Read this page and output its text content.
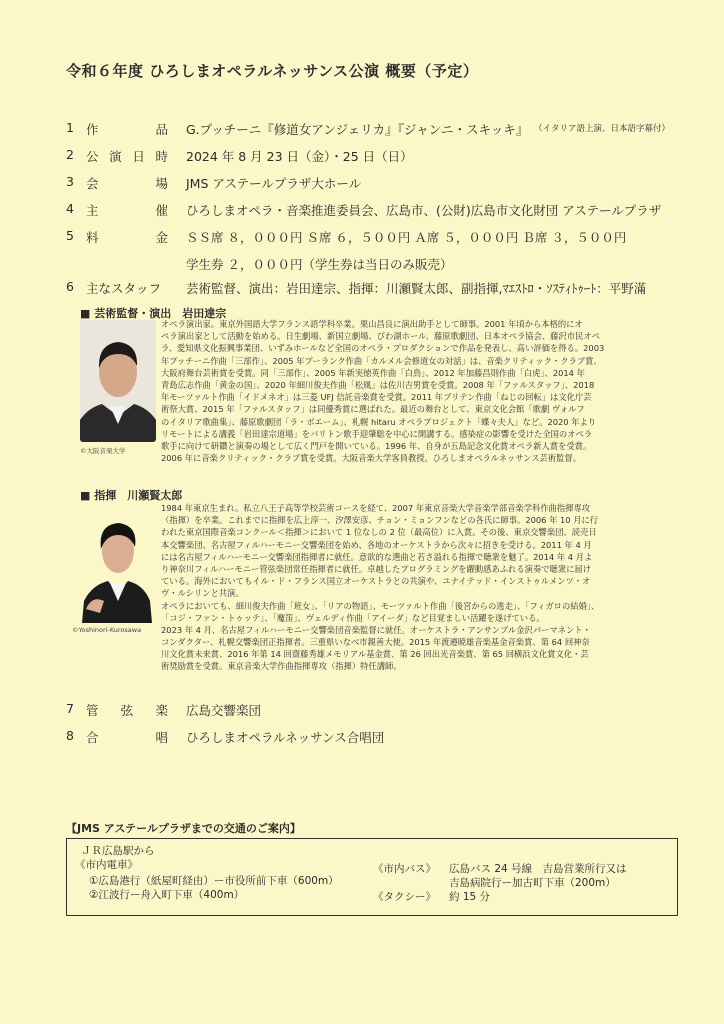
令和６年度 ひろしまオペラルネッサンス公演 概要（予定）
1 作	品 G.プッチーニ『修道女アンジェリカ』『ジャンニ・スキッキ』 （イタリア語上演、日本語字幕付）
2 公 演 日 時 2024 年 8 月 23 日（金）・25 日（日）
3 会	場 JMS アステールプラザ大ホール
4 主	催 ひろしまオペラ・音楽推進委員会、広島市、(公財)広島市文化財団 アステールプラザ
5 料	金 ＳＳ席 ８，０００円 Ｓ席 ６，５００円 Ａ席 ５，０００円 Ｂ席 ３，５００円
学生券 ２，０００円（学生券は当日のみ販売）
6 主なスタッフ 芸術監督、演出：岩田達宗、指揮：川瀬賢太郎、副指揮,ﾏｴｽﾄﾛ・ｿｽﾃｨﾄｩｰﾄ：平野滿
■ 芸術監督・演出　岩田達宗
©大阪音楽大学
オペラ演出家。東京外国語大学フランス語学科卒業。栗山昌良に演出助手として師事。2001 年頃から本格的にオ
ペラ演出家として活動を始める。日生劇場、新国立劇場、びわ湖ホール、藤原歌劇団、日本オペラ協会、藤沢市民オペ
ラ、愛知県文化振興事業団、いずみホールなど全国のオペラ・プロダクションで作品を発表し、高い評価を得る。2003
年プッチーニ作曲「三部作」、2005 年プーランク作曲「カルメル会修道女の対話」は、音楽クリティック・クラブ賞、
大阪府舞台芸術賞を受賞。同「三部作」、2005 年新実徳英作曲「白鳥」、2012 年加藤昌則作曲「白虎」、2014 年
青島広志作曲「黄金の国」、2020 年細川俊夫作曲「松風」は佐川吉男賞を受賞。2008 年「ファルスタッフ」、2018
年モーツァルト作曲「イドメネオ」は三菱 UFJ 信託音楽賞を受賞。2011 年ブリテン作曲「ねじの回転」は文化庁芸
術祭大賞、2015 年「ファルスタッフ」は同優秀賞に選ばれた。最近の舞台として、東京文化会館「歌劇 ヴォルフ
のイタリア歌曲集」、藤原歌劇団「ラ・ボエーム」、札幌 hitaru オペラプロジェクト「蝶々夫人」など。2020 年より
リモートによる講義「岩田達宗道場」をバリトン歌手迎肇聡を中心に開講する。感染症の影響を受けた全国のオペラ
歌手に向けて研鑽と演奏の場として広く門戸を開いている。1996 年、自身が五島記念文化賞オペラ新人賞を受賞。
2006 年に音楽クリティック・クラブ賞を受賞。大阪音楽大学客員教授。ひろしまオペラルネッサンス芸術監督。
■ 指揮　川瀬賢太郎
©Yoshinori-Kurosawa
1984 年東京生まれ。私立八王子高等学校芸術コースを経て、2007 年東京音楽大学音楽学部音楽学科作曲指揮専攻
（指揮）を卒業。これまでに指揮を広上淳一、汐澤安彦、チョン・ミョンフンなどの各氏に師事。2006 年 10 月に行
われた東京国際音楽コンクール＜指揮＞において 1 位なしの 2 位（最高位）に入賞。その後、東京交響楽団、読売日
本交響楽団、名古屋フィルハーモニー交響楽団を始め、各地のオーケストラから次々に招きを受ける。2011 年 4 月
には名古屋フィルハーモニー交響楽団指揮者に就任。意欲的な選曲と若さ溢れる指揮で聴衆を魅了。2014 年 4 月よ
り神奈川フィルハーモニー管弦楽団常任指揮者に就任。卓越したプログラミングを躍動感あふれる演奏で聴衆に届け
ている。海外においてもイル・ド・フランス国立オーケストラとの共演や、ユナイテッド・インストゥルメンツ・オ
ヴ・ルシリンと共演。
オペラにおいても、細川俊夫作曲「班女」、「リアの物語」、モーツァルト作曲「後宮からの逃走」、「フィガロの結婚」、
「コジ・ファン・トゥッテ」、「魔笛」、ヴェルディ作曲「アイーダ」など目覚ましい活躍を遂げている。
2023 年 4 月、名古屋フィルハーモニー交響楽団音楽監督に就任。オーケストラ・アンサンブル金沢パーマネント・
コンダクター、札幌交響楽団正指揮者。三重県いなべ市親善大使。2015 年渡邉暁雄音楽基金音楽賞、第 64 回神奈
川文化賞未来賞、2016 年第 14 回齋藤秀雄メモリアル基金賞、第 26 回出光音楽賞、第 65 回横浜文化賞文化・芸
術奨励賞を受賞。東京音楽大学作曲指揮専攻（指揮）特任講師。
7 管 弦 楽 広島交響楽団
8 合	唱 ひろしまオペラルネッサンス合唱団
【JMS アステールプラザまでの交通のご案内】
ＪＲ広島駅から
《市内電車》
①広島港行（紙屋町経由）ー市役所前下車（600m）
②江波行ー舟入町下車（400m）
《市内バス》 広島バス 24 号線　吉島営業所行又は
吉島病院行ー加古町下車（200m）
《タクシー》 約 15 分
